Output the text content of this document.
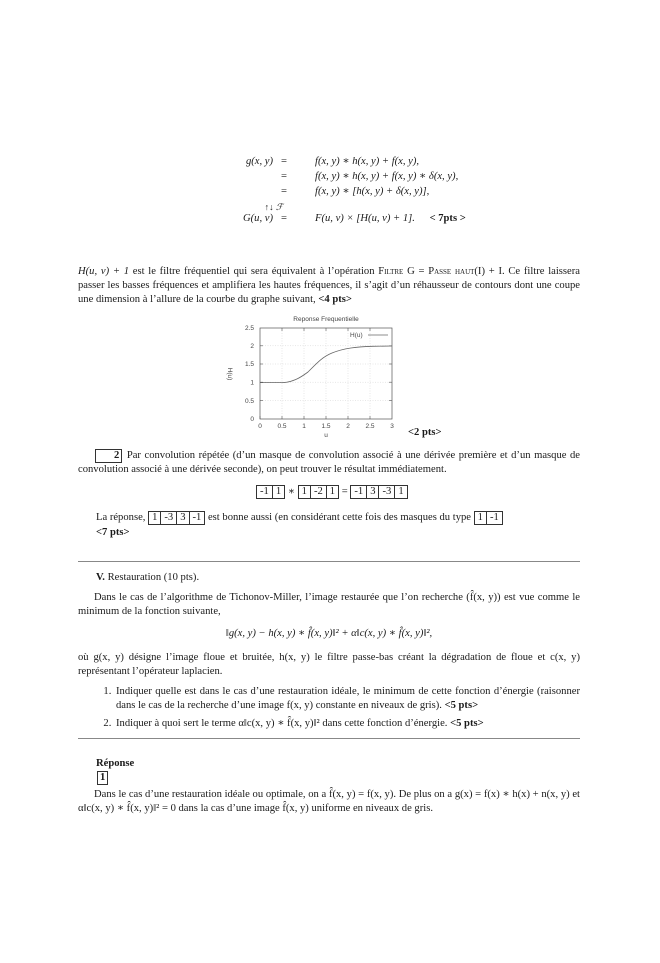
g(x, y) =	f(x, y) ∗ h(x, y) + f(x, y),
=	f(x, y) ∗ h(x, y) + f(x, y) ∗ δ(x, y),
=	f(x, y) ∗ [h(x, y) + δ(x, y)],
↑↓ ℱ
G(u, ν) =	F(u, ν) × [H(u, ν) + 1]. < 7pts >
H(u, ν) + 1 est le filtre fréquentiel qui sera équivalent à l’opération Filtre G = Passe haut(I) + I. Ce filtre laissera passer les basses fréquences et amplifiera les hautes fréquences, il s’agit d’un réhausseur de contours dont une coupe une dimension à l’allure de la courbe du graphe suivant, <4 pts>
H(u)
Reponse Frequentielle
2.5
2
1.5
1
0.5
0
0 0.5 1 1.5 2 2.5 3
u
H(u)
<2 pts>
2 Par convolution répétée (d’un masque de convolution associé à une dérivée première et d’un masque de convolution associé à une dérivée seconde), on peut trouver le résultat immédiatement.
-1 1 ∗ 1 -2 1 = -1 3 -3 1
La réponse, 1 -3 3 -1 est bonne aussi (en considérant cette fois des masques du type 1 -1

<7 pts>
V. Restauration (10 pts).
Dans le cas de l’algorithme de Tichonov-Miller, l’image restaurée que l’on recherche (f̂(x, y)) est vue comme le minimum de la fonction suivante,
‖g(x, y) − h(x, y) ∗ f̂(x, y)‖² + α‖c(x, y) ∗ f̂(x, y)‖²,
où g(x, y) désigne l’image floue et bruitée, h(x, y) le filtre passe-bas créant la dégradation de floue et c(x, y) représentant l’opérateur laplacien.
1. Indiquer quelle est dans le cas d’une restauration idéale, le minimum de cette fonction d’énergie (raisonner dans le cas de la recherche d’une image f(x, y) constante en niveaux de gris). <5 pts>
2. Indiquer à quoi sert le terme α‖c(x, y) ∗ f̂(x, y)‖² dans cette fonction d’énergie. <5 pts>
Réponse
1
Dans le cas d’une restauration idéale ou optimale, on a f̂(x, y) = f(x, y). De plus on a g(x) = f(x) ∗ h(x) + n(x, y) et α‖c(x, y) ∗ f̂(x, y)‖² = 0 dans la cas d’une image f̂(x, y) uniforme en niveaux de gris.
